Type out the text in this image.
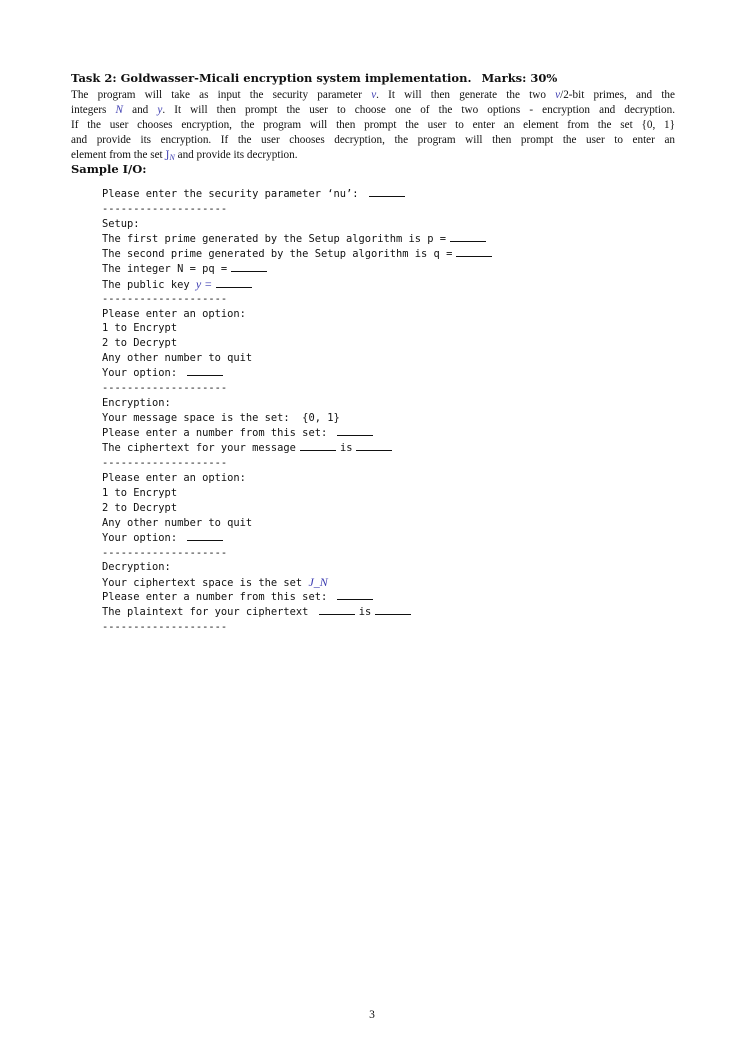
Task 2: Goldwasser-Micali encryption system implementation. Marks: 30%
The program will take as input the security parameter ν. It will then generate the two ν/2-bit primes, and the
integers N and y. It will then prompt the user to choose one of the two options - encryption and decryption.
If the user chooses encryption, the program will then prompt the user to enter an element from the set {0, 1}
and provide its encryption. If the user chooses decryption, the program will then prompt the user to enter an
element from the set $J_N$ and provide its decryption.
Sample I/O:
Please enter the security parameter ‘nu’:
--------------------
Setup:
The first prime generated by the Setup algorithm is p =
The second prime generated by the Setup algorithm is q =
The integer N = pq =
The public key y =
--------------------
Please enter an option:
1 to Encrypt
2 to Decrypt
Any other number to quit
Your option:
--------------------
Encryption:
Your message space is the set:  {0, 1}
Please enter a number from this set:
The ciphertext for your message	is
--------------------
Please enter an option:
1 to Encrypt
2 to Decrypt
Any other number to quit
Your option:
--------------------
Decryption:
Your ciphertext space is the set J_N
Please enter a number from this set:
The plaintext for your ciphertext	is
--------------------
3
